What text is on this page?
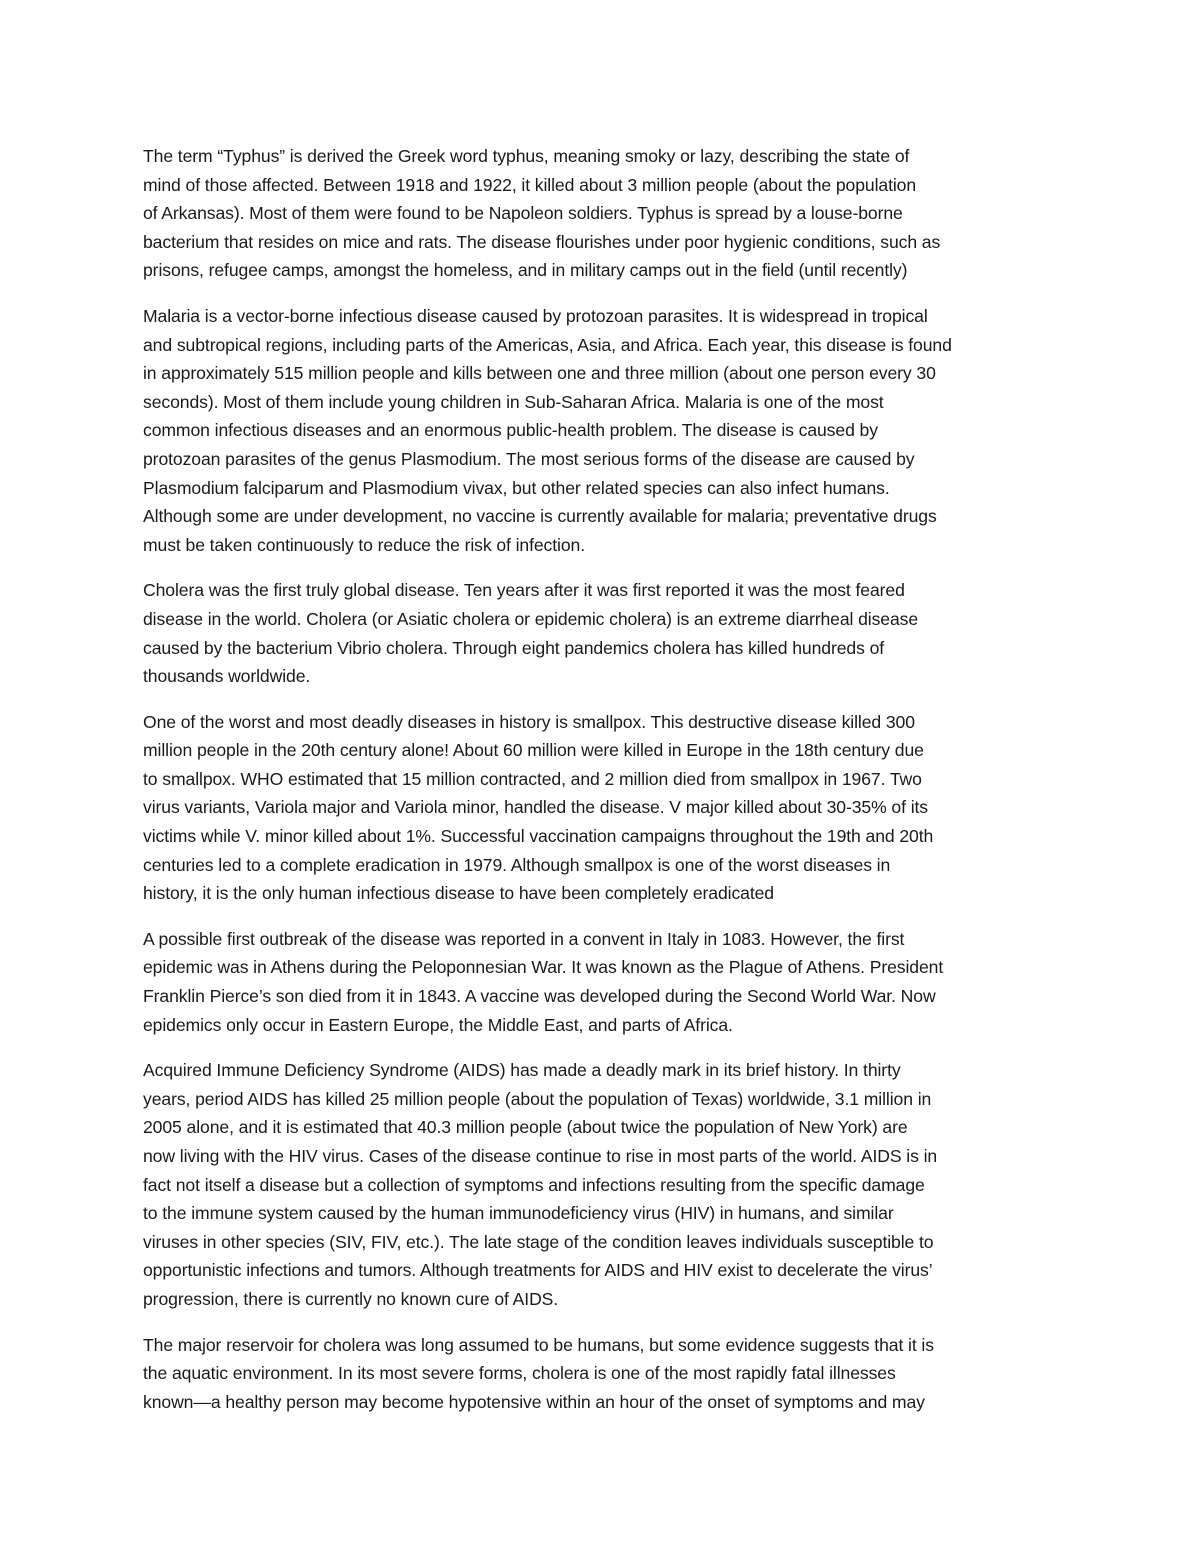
The term “Typhus” is derived the Greek word typhus, meaning smoky or lazy, describing the state of
mind of those affected. Between 1918 and 1922, it killed about 3 million people (about the population
of Arkansas). Most of them were found to be Napoleon soldiers. Typhus is spread by a louse-borne
bacterium that resides on mice and rats. The disease flourishes under poor hygienic conditions, such as
prisons, refugee camps, amongst the homeless, and in military camps out in the field (until recently)

Malaria is a vector-borne infectious disease caused by protozoan parasites. It is widespread in tropical
and subtropical regions, including parts of the Americas, Asia, and Africa. Each year, this disease is found
in approximately 515 million people and kills between one and three million (about one person every 30
seconds). Most of them include young children in Sub-Saharan Africa. Malaria is one of the most
common infectious diseases and an enormous public-health problem. The disease is caused by
protozoan parasites of the genus Plasmodium. The most serious forms of the disease are caused by
Plasmodium falciparum and Plasmodium vivax, but other related species can also infect humans.
Although some are under development, no vaccine is currently available for malaria; preventative drugs
must be taken continuously to reduce the risk of infection.

Cholera was the first truly global disease. Ten years after it was first reported it was the most feared
disease in the world. Cholera (or Asiatic cholera or epidemic cholera) is an extreme diarrheal disease
caused by the bacterium Vibrio cholera. Through eight pandemics cholera has killed hundreds of
thousands worldwide.

One of the worst and most deadly diseases in history is smallpox. This destructive disease killed 300
million people in the 20th century alone! About 60 million were killed in Europe in the 18th century due
to smallpox. WHO estimated that 15 million contracted, and 2 million died from smallpox in 1967. Two
virus variants, Variola major and Variola minor, handled the disease. V major killed about 30-35% of its
victims while V. minor killed about 1%. Successful vaccination campaigns throughout the 19th and 20th
centuries led to a complete eradication in 1979. Although smallpox is one of the worst diseases in
history, it is the only human infectious disease to have been completely eradicated

A possible first outbreak of the disease was reported in a convent in Italy in 1083. However, the first
epidemic was in Athens during the Peloponnesian War. It was known as the Plague of Athens. President
Franklin Pierce’s son died from it in 1843. A vaccine was developed during the Second World War. Now
epidemics only occur in Eastern Europe, the Middle East, and parts of Africa.

Acquired Immune Deficiency Syndrome (AIDS) has made a deadly mark in its brief history. In thirty
years, period AIDS has killed 25 million people (about the population of Texas) worldwide, 3.1 million in
2005 alone, and it is estimated that 40.3 million people (about twice the population of New York) are
now living with the HIV virus. Cases of the disease continue to rise in most parts of the world. AIDS is in
fact not itself a disease but a collection of symptoms and infections resulting from the specific damage
to the immune system caused by the human immunodeficiency virus (HIV) in humans, and similar
viruses in other species (SIV, FIV, etc.). The late stage of the condition leaves individuals susceptible to
opportunistic infections and tumors. Although treatments for AIDS and HIV exist to decelerate the virus’
progression, there is currently no known cure of AIDS.

The major reservoir for cholera was long assumed to be humans, but some evidence suggests that it is
the aquatic environment. In its most severe forms, cholera is one of the most rapidly fatal illnesses
known—a healthy person may become hypotensive within an hour of the onset of symptoms and may
